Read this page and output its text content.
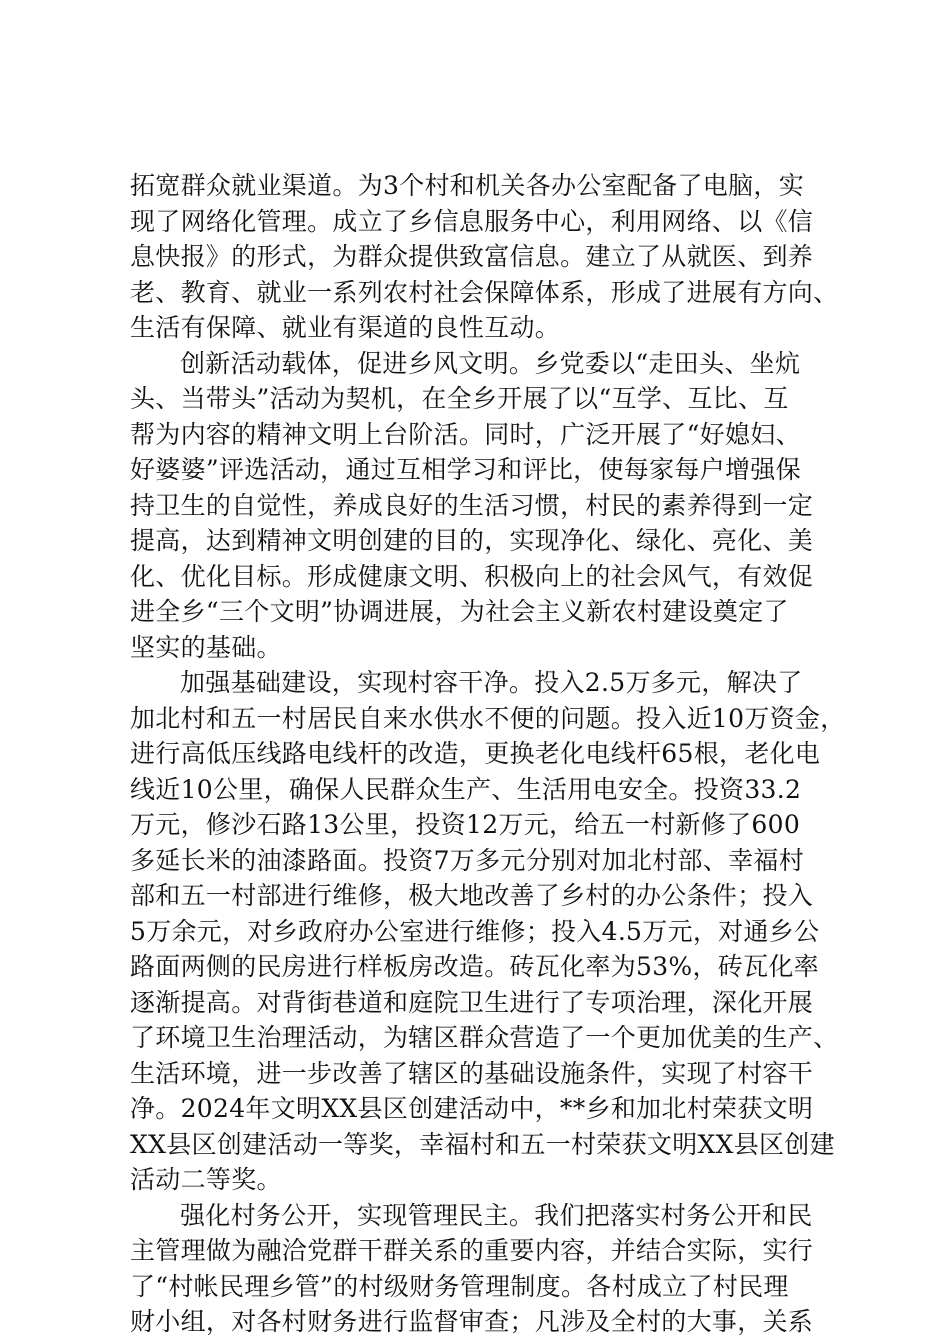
拓宽群众就业渠道。为3个村和机关各办公室配备了电脑，实
现了网络化管理。成立了乡信息服务中心，利用网络、以《信
息快报》的形式，为群众提供致富信息。建立了从就医、到养
老、教育、就业一系列农村社会保障体系，形成了进展有方向、
生活有保障、就业有渠道的良性互动。
创新活动载体，促进乡风文明。乡党委以“走田头、坐炕
头、当带头”活动为契机，在全乡开展了以“互学、互比、互
帮为内容的精神文明上台阶活。同时，广泛开展了“好媳妇、
好婆婆”评选活动，通过互相学习和评比，使每家每户增强保
持卫生的自觉性，养成良好的生活习惯，村民的素养得到一定
提高，达到精神文明创建的目的，实现净化、绿化、亮化、美
化、优化目标。形成健康文明、积极向上的社会风气，有效促
进全乡“三个文明”协调进展，为社会主义新农村建设奠定了
坚实的基础。
加强基础建设，实现村容干净。投入2.5万多元，解决了
加北村和五一村居民自来水供水不便的问题。投入近10万资金，
进行高低压线路电线杆的改造，更换老化电线杆65根，老化电
线近10公里，确保人民群众生产、生活用电安全。投资33.2
万元，修沙石路13公里，投资12万元，给五一村新修了600
多延长米的油漆路面。投资7万多元分别对加北村部、幸福村
部和五一村部进行维修，极大地改善了乡村的办公条件；投入
5万余元，对乡政府办公室进行维修；投入4.5万元，对通乡公
路面两侧的民房进行样板房改造。砖瓦化率为53%，砖瓦化率
逐渐提高。对背街巷道和庭院卫生进行了专项治理，深化开展
了环境卫生治理活动，为辖区群众营造了一个更加优美的生产、
生活环境，进一步改善了辖区的基础设施条件，实现了村容干
净。2024年文明XX县区创建活动中，**乡和加北村荣获文明
XX县区创建活动一等奖，幸福村和五一村荣获文明XX县区创建
活动二等奖。
强化村务公开，实现管理民主。我们把落实村务公开和民
主管理做为融洽党群干群关系的重要内容，并结合实际，实行
了“村帐民理乡管”的村级财务管理制度。各村成立了村民理
财小组，对各村财务进行监督审查；凡涉及全村的大事，关系
